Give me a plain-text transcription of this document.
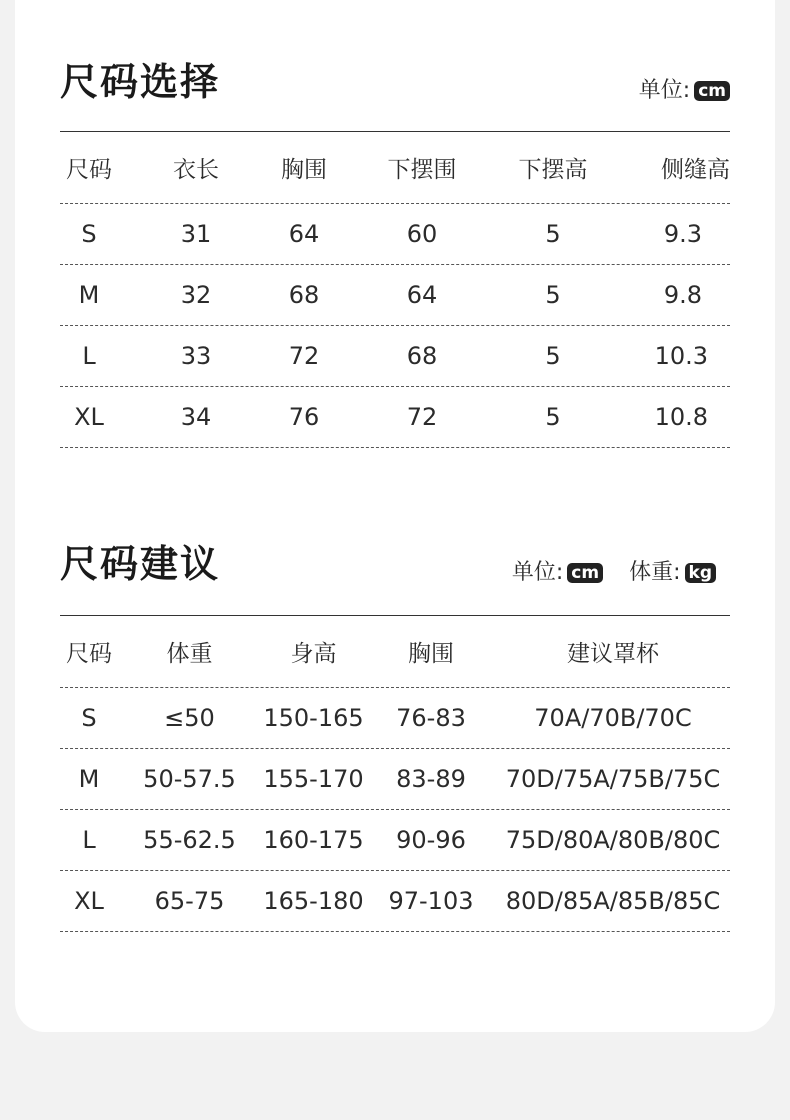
尺码选择	单位: cm
尺码	衣长	胸围	下摆围	下摆高	侧缝高
S	31	64	60	5	9.3
M	32	68	64	5	9.8
L	33	72	68	5	10.3
XL	34	76	72	5	10.8
尺码建议	单位: cm 体重: kg
尺码	体重	身高	胸围	建议罩杯
S	≤50	150-165	76-83	70A/70B/70C
M	50-57.5	155-170	83-89	70D/75A/75B/75C
L	55-62.5	160-175	90-96	75D/80A/80B/80C
XL	65-75	165-180	97-103	80D/85A/85B/85C
